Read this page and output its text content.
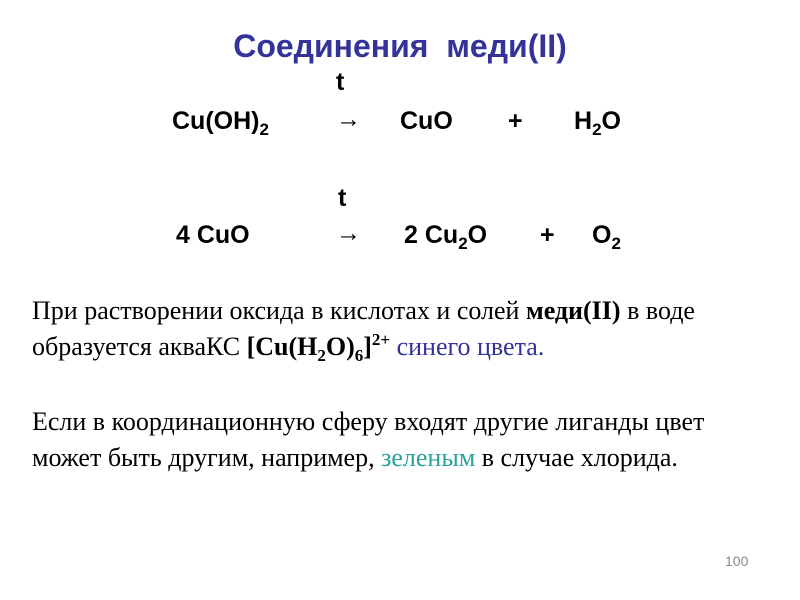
Соединения  меди(II)
t
$Cu(OH)_2$	→ CuO + $H_2O$
t
4 CuO	→ 2 $Cu_2O + O_2$
При растворении оксида в кислотах и солей меди(II) в воде образуется акваКС $[Cu(H_2O)_6]^{2+}$ синего цвета.
Если в координационную сферу входят другие лиганды цвет может быть другим, например, зеленым в случае хлорида.
100
